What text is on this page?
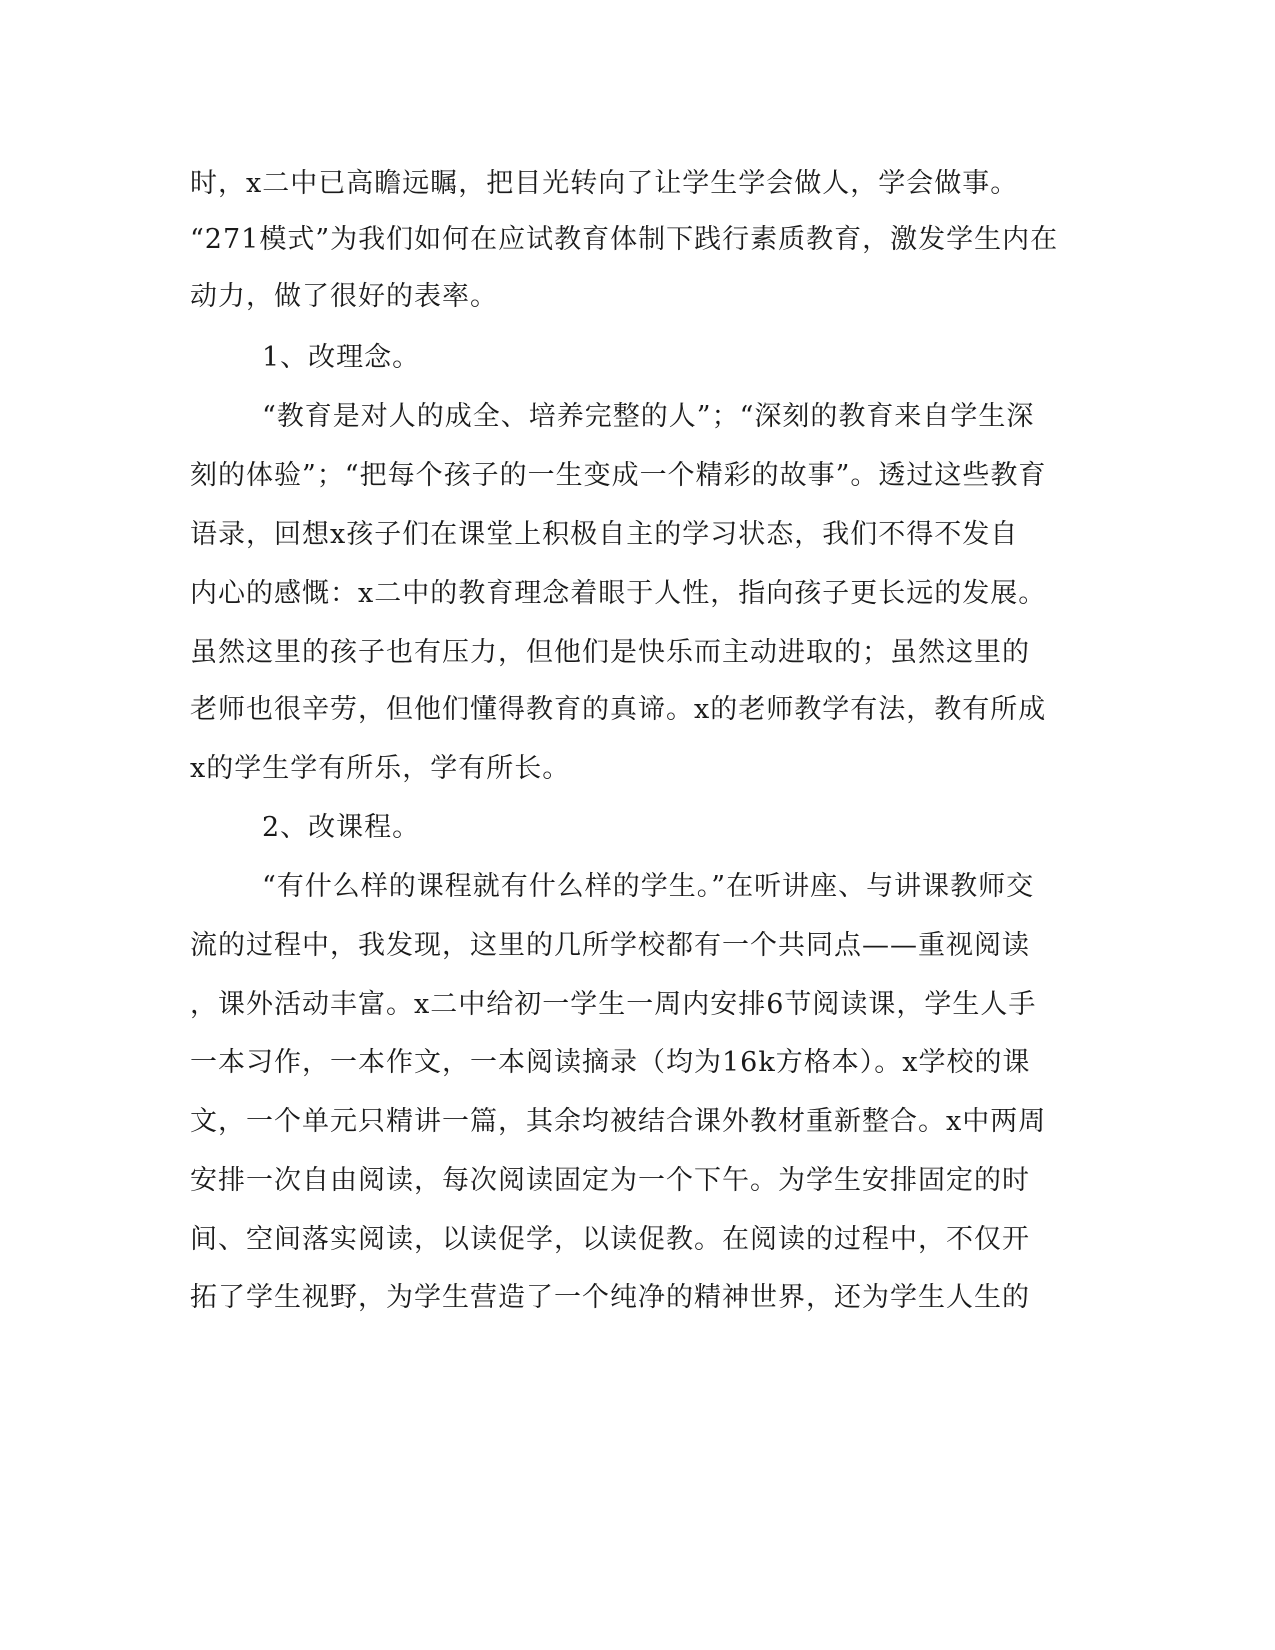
时，x二中已高瞻远瞩，把目光转向了让学生学会做人，学会做事。
“271模式”为我们如何在应试教育体制下践行素质教育，激发学生内在
动力，做了很好的表率。
1、改理念。
“教育是对人的成全、培养完整的人”；“深刻的教育来自学生深
刻的体验”；“把每个孩子的一生变成一个精彩的故事”。透过这些教育
语录，回想x孩子们在课堂上积极自主的学习状态，我们不得不发自
内心的感慨：x二中的教育理念着眼于人性，指向孩子更长远的发展。
虽然这里的孩子也有压力，但他们是快乐而主动进取的；虽然这里的
老师也很辛劳，但他们懂得教育的真谛。x的老师教学有法，教有所成
x的学生学有所乐，学有所长。
2、改课程。
“有什么样的课程就有什么样的学生。”在听讲座、与讲课教师交
流的过程中，我发现，这里的几所学校都有一个共同点——重视阅读
，课外活动丰富。x二中给初一学生一周内安排6节阅读课，学生人手
一本习作，一本作文，一本阅读摘录（均为16k方格本）。x学校的课
文，一个单元只精讲一篇，其余均被结合课外教材重新整合。x中两周
安排一次自由阅读，每次阅读固定为一个下午。为学生安排固定的时
间、空间落实阅读，以读促学，以读促教。在阅读的过程中，不仅开
拓了学生视野，为学生营造了一个纯净的精神世界，还为学生人生的
